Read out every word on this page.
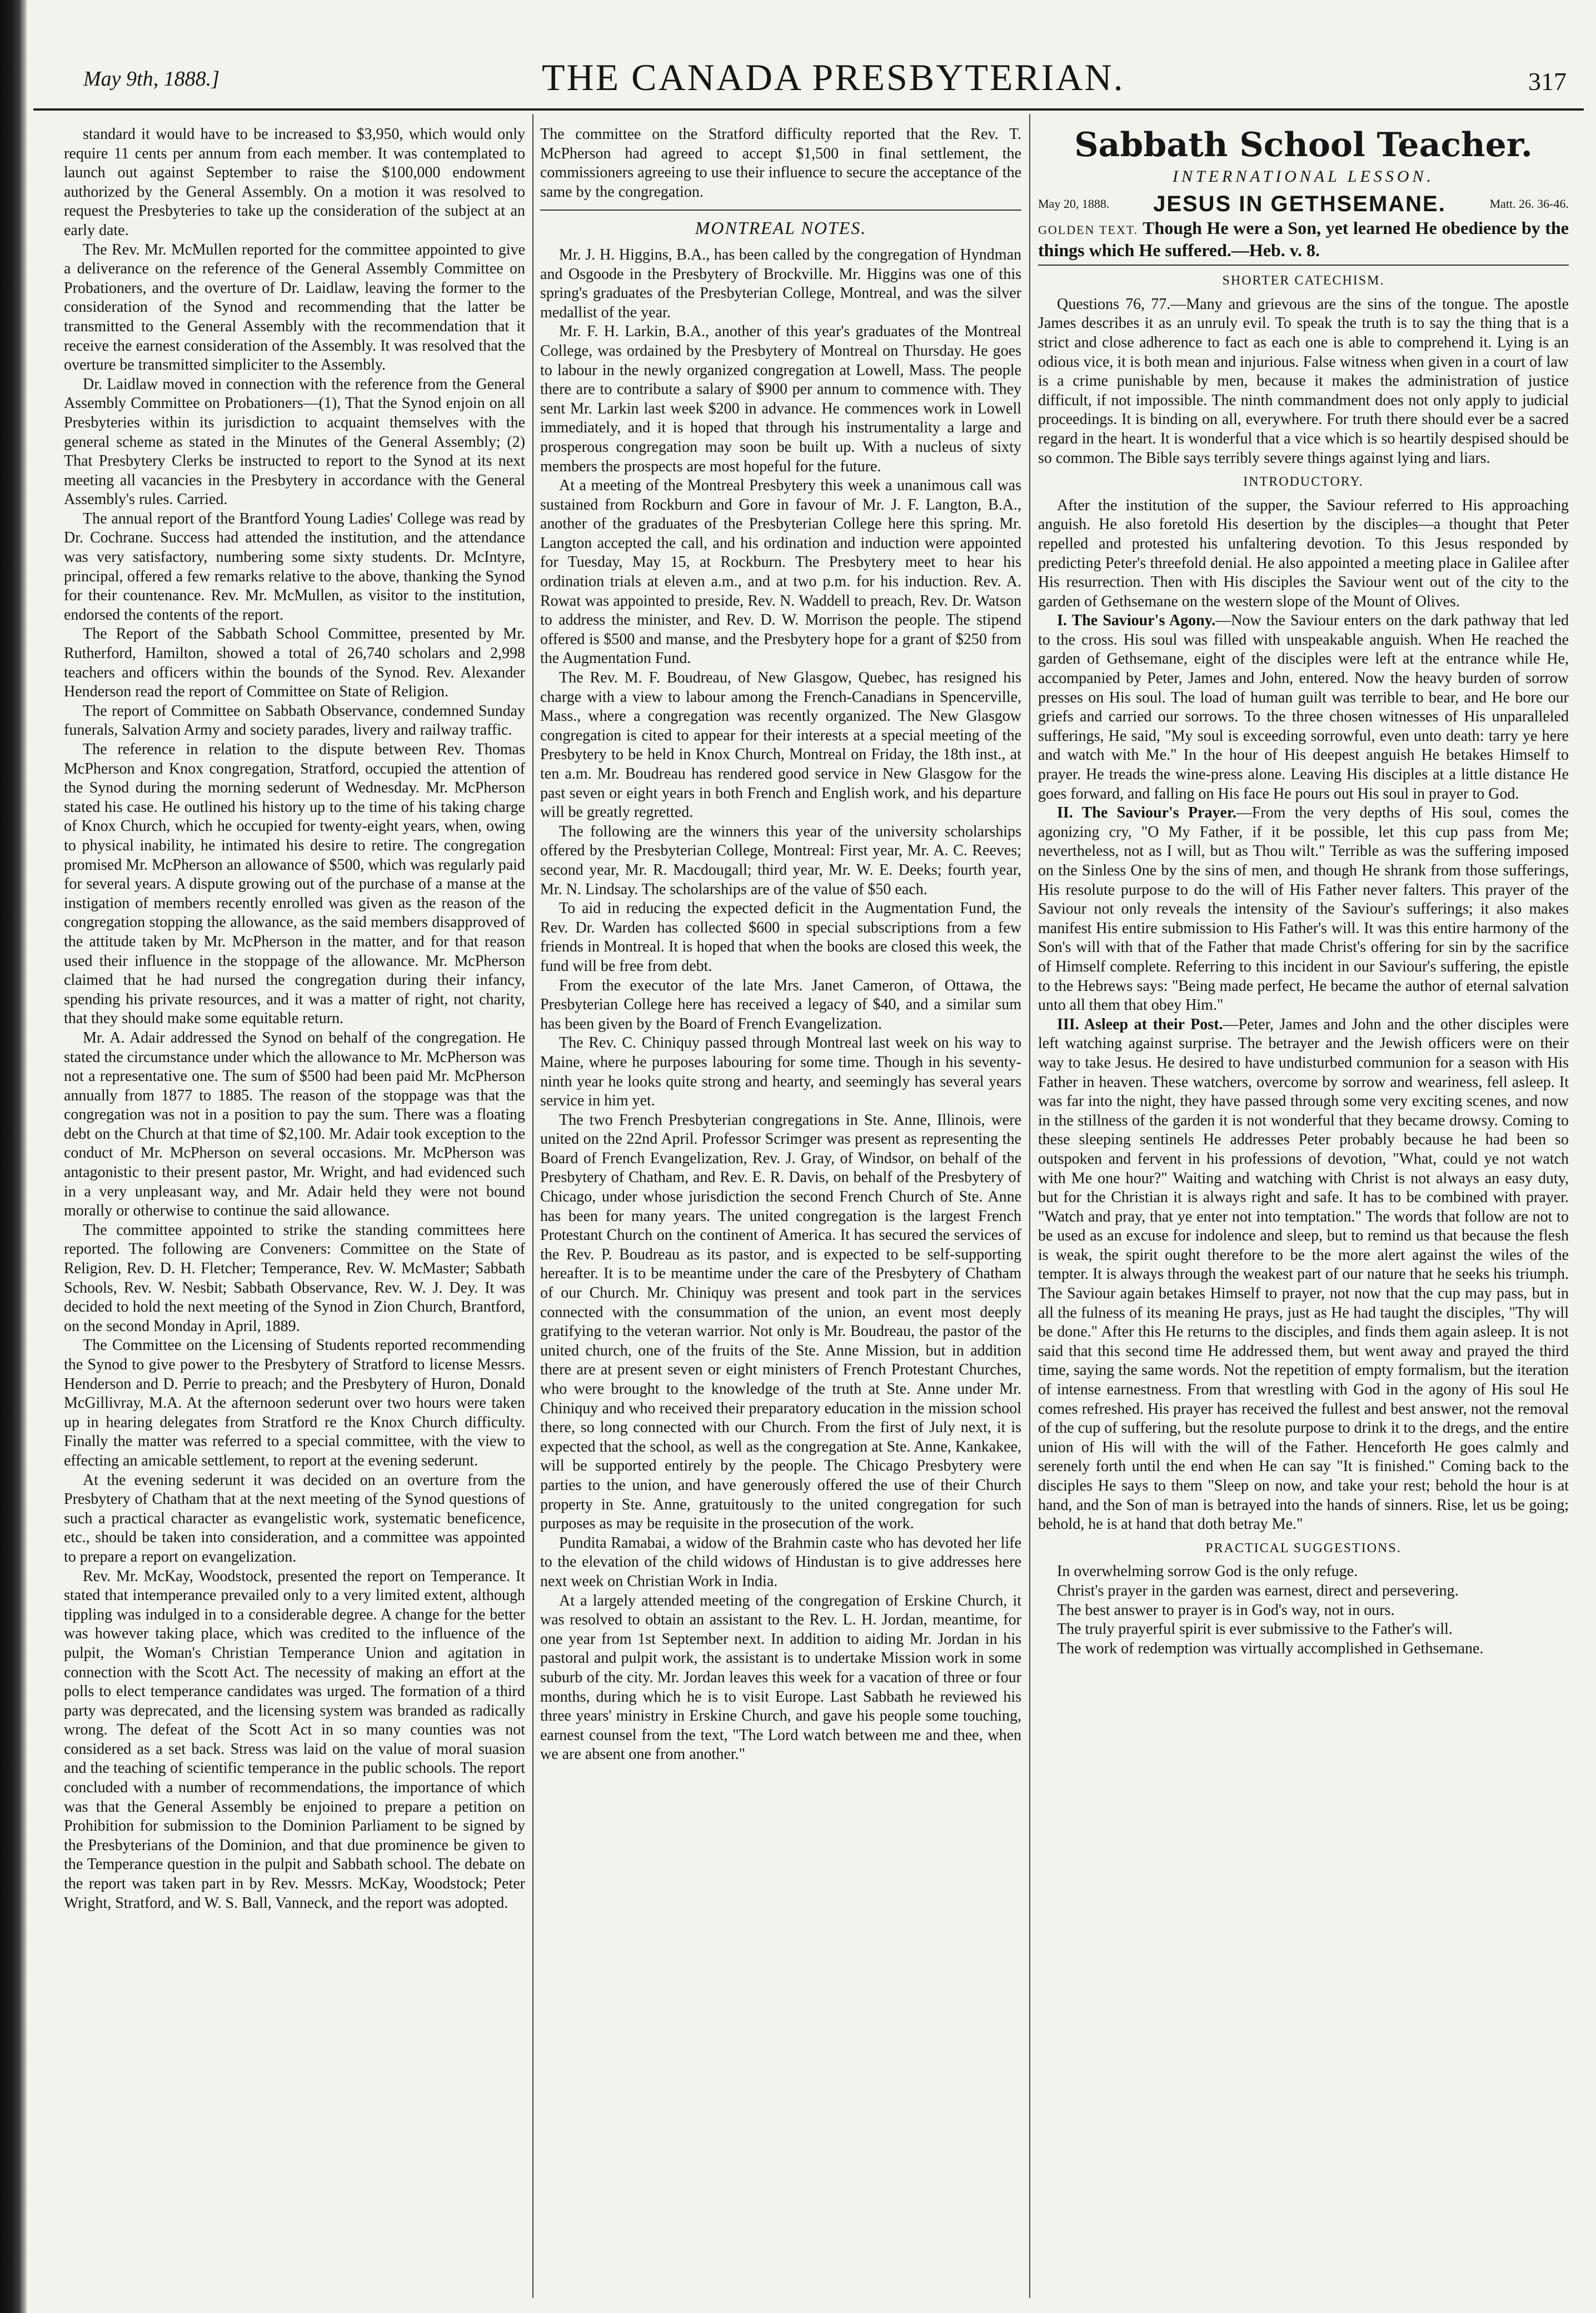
May 9th, 1888.]	THE CANADA PRESBYTERIAN.	317

standard it would have to be increased to $3,950, which would only require 11 cents per annum from each member. It was contemplated to launch out against September to raise the $100,000 endowment authorized by the General Assembly. On a motion it was resolved to request the Presbyteries to take up the consideration of the subject at an early date.

The Rev. Mr. McMullen reported for the committee appointed to give a deliverance on the reference of the General Assembly Committee on Probationers, and the overture of Dr. Laidlaw, leaving the former to the consideration of the Synod and recommending that the latter be transmitted to the General Assembly with the recommendation that it receive the earnest consideration of the Assembly. It was resolved that the overture be transmitted simpliciter to the Assembly.

Dr. Laidlaw moved in connection with the reference from the General Assembly Committee on Probationers—(1), That the Synod enjoin on all Presbyteries within its jurisdiction to acquaint themselves with the general scheme as stated in the Minutes of the General Assembly; (2) That Presbytery Clerks be instructed to report to the Synod at its next meeting all vacancies in the Presbytery in accordance with the General Assembly's rules. Carried.

The annual report of the Brantford Young Ladies' College was read by Dr. Cochrane. Success had attended the institution, and the attendance was very satisfactory, numbering some sixty students. Dr. McIntyre, principal, offered a few remarks relative to the above, thanking the Synod for their countenance. Rev. Mr. McMullen, as visitor to the institution, endorsed the contents of the report.

The Report of the Sabbath School Committee, presented by Mr. Rutherford, Hamilton, showed a total of 26,740 scholars and 2,998 teachers and officers within the bounds of the Synod. Rev. Alexander Henderson read the report of Committee on State of Religion.

The report of Committee on Sabbath Observance, condemned Sunday funerals, Salvation Army and society parades, livery and railway traffic.

The reference in relation to the dispute between Rev. Thomas McPherson and Knox congregation, Stratford, occupied the attention of the Synod during the morning sederunt of Wednesday. Mr. McPherson stated his case. He outlined his history up to the time of his taking charge of Knox Church, which he occupied for twenty-eight years, when, owing to physical inability, he intimated his desire to retire. The congregation promised Mr. McPherson an allowance of $500, which was regularly paid for several years. A dispute growing out of the purchase of a manse at the instigation of members recently enrolled was given as the reason of the congregation stopping the allowance, as the said members disapproved of the attitude taken by Mr. McPherson in the matter, and for that reason used their influence in the stoppage of the allowance. Mr. McPherson claimed that he had nursed the congregation during their infancy, spending his private resources, and it was a matter of right, not charity, that they should make some equitable return.

Mr. A. Adair addressed the Synod on behalf of the congregation. He stated the circumstance under which the allowance to Mr. McPherson was not a representative one. The sum of $500 had been paid Mr. McPherson annually from 1877 to 1885. The reason of the stoppage was that the congregation was not in a position to pay the sum. There was a floating debt on the Church at that time of $2,100. Mr. Adair took exception to the conduct of Mr. McPherson on several occasions. Mr. McPherson was antagonistic to their present pastor, Mr. Wright, and had evidenced such in a very unpleasant way, and Mr. Adair held they were not bound morally or otherwise to continue the said allowance.

The committee appointed to strike the standing committees here reported. The following are Conveners: Committee on the State of Religion, Rev. D. H. Fletcher; Temperance, Rev. W. McMaster; Sabbath Schools, Rev. W. Nesbit; Sabbath Observance, Rev. W. J. Dey. It was decided to hold the next meeting of the Synod in Zion Church, Brantford, on the second Monday in April, 1889.

The Committee on the Licensing of Students reported recommending the Synod to give power to the Presbytery of Stratford to license Messrs. Henderson and D. Perrie to preach; and the Presbytery of Huron, Donald McGillivray, M.A. At the afternoon sederunt over two hours were taken up in hearing delegates from Stratford re the Knox Church difficulty. Finally the matter was referred to a special committee, with the view to effecting an amicable settlement, to report at the evening sederunt.

At the evening sederunt it was decided on an overture from the Presbytery of Chatham that at the next meeting of the Synod questions of such a practical character as evangelistic work, systematic beneficence, etc., should be taken into consideration, and a committee was appointed to prepare a report on evangelization.

Rev. Mr. McKay, Woodstock, presented the report on Temperance. It stated that intemperance prevailed only to a very limited extent, although tippling was indulged in to a considerable degree. A change for the better was however taking place, which was credited to the influence of the pulpit, the Woman's Christian Temperance Union and agitation in connection with the Scott Act. The necessity of making an effort at the polls to elect temperance candidates was urged. The formation of a third party was deprecated, and the licensing system was branded as radically wrong. The defeat of the Scott Act in so many counties was not considered as a set back. Stress was laid on the value of moral suasion and the teaching of scientific temperance in the public schools. The report concluded with a number of recommendations, the importance of which was that the General Assembly be enjoined to prepare a petition on Prohibition for submission to the Dominion Parliament to be signed by the Presbyterians of the Dominion, and that due prominence be given to the Temperance question in the pulpit and Sabbath school. The debate on the report was taken part in by Rev. Messrs. McKay, Woodstock; Peter Wright, Stratford, and W. S. Ball, Vanneck, and the report was adopted.

The committee on the Stratford difficulty reported that the Rev. T. McPherson had agreed to accept $1,500 in final settlement, the commissioners agreeing to use their influence to secure the acceptance of the same by the congregation.

MONTREAL NOTES.

Mr. J. H. Higgins, B.A., has been called by the congregation of Hyndman and Osgoode in the Presbytery of Brockville. Mr. Higgins was one of this spring's graduates of the Presbyterian College, Montreal, and was the silver medallist of the year.

Mr. F. H. Larkin, B.A., another of this year's graduates of the Montreal College, was ordained by the Presbytery of Montreal on Thursday. He goes to labour in the newly organized congregation at Lowell, Mass. The people there are to contribute a salary of $900 per annum to commence with. They sent Mr. Larkin last week $200 in advance. He commences work in Lowell immediately, and it is hoped that through his instrumentality a large and prosperous congregation may soon be built up. With a nucleus of sixty members the prospects are most hopeful for the future.

At a meeting of the Montreal Presbytery this week a unanimous call was sustained from Rockburn and Gore in favour of Mr. J. F. Langton, B.A., another of the graduates of the Presbyterian College here this spring. Mr. Langton accepted the call, and his ordination and induction were appointed for Tuesday, May 15, at Rockburn. The Presbytery meet to hear his ordination trials at eleven a.m., and at two p.m. for his induction. Rev. A. Rowat was appointed to preside, Rev. N. Waddell to preach, Rev. Dr. Watson to address the minister, and Rev. D. W. Morrison the people. The stipend offered is $500 and manse, and the Presbytery hope for a grant of $250 from the Augmentation Fund.

The Rev. M. F. Boudreau, of New Glasgow, Quebec, has resigned his charge with a view to labour among the French-Canadians in Spencerville, Mass., where a congregation was recently organized. The New Glasgow congregation is cited to appear for their interests at a special meeting of the Presbytery to be held in Knox Church, Montreal on Friday, the 18th inst., at ten a.m. Mr. Boudreau has rendered good service in New Glasgow for the past seven or eight years in both French and English work, and his departure will be greatly regretted.

The following are the winners this year of the university scholarships offered by the Presbyterian College, Montreal: First year, Mr. A. C. Reeves; second year, Mr. R. Macdougall; third year, Mr. W. E. Deeks; fourth year, Mr. N. Lindsay. The scholarships are of the value of $50 each.

To aid in reducing the expected deficit in the Augmentation Fund, the Rev. Dr. Warden has collected $600 in special subscriptions from a few friends in Montreal. It is hoped that when the books are closed this week, the fund will be free from debt.

From the executor of the late Mrs. Janet Cameron, of Ottawa, the Presbyterian College here has received a legacy of $40, and a similar sum has been given by the Board of French Evangelization.

The Rev. C. Chiniquy passed through Montreal last week on his way to Maine, where he purposes labouring for some time. Though in his seventy-ninth year he looks quite strong and hearty, and seemingly has several years service in him yet.

The two French Presbyterian congregations in Ste. Anne, Illinois, were united on the 22nd April. Professor Scrimger was present as representing the Board of French Evangelization, Rev. J. Gray, of Windsor, on behalf of the Presbytery of Chatham, and Rev. E. R. Davis, on behalf of the Presbytery of Chicago, under whose jurisdiction the second French Church of Ste. Anne has been for many years. The united congregation is the largest French Protestant Church on the continent of America. It has secured the services of the Rev. P. Boudreau as its pastor, and is expected to be self-supporting hereafter. It is to be meantime under the care of the Presbytery of Chatham of our Church. Mr. Chiniquy was present and took part in the services connected with the consummation of the union, an event most deeply gratifying to the veteran warrior. Not only is Mr. Boudreau, the pastor of the united church, one of the fruits of the Ste. Anne Mission, but in addition there are at present seven or eight ministers of French Protestant Churches, who were brought to the knowledge of the truth at Ste. Anne under Mr. Chiniquy and who received their preparatory education in the mission school there, so long connected with our Church. From the first of July next, it is expected that the school, as well as the congregation at Ste. Anne, Kankakee, will be supported entirely by the people. The Chicago Presbytery were parties to the union, and have generously offered the use of their Church property in Ste. Anne, gratuitously to the united congregation for such purposes as may be requisite in the prosecution of the work.

Pundita Ramabai, a widow of the Brahmin caste who has devoted her life to the elevation of the child widows of Hindustan is to give addresses here next week on Christian Work in India.

At a largely attended meeting of the congregation of Erskine Church, it was resolved to obtain an assistant to the Rev. L. H. Jordan, meantime, for one year from 1st September next. In addition to aiding Mr. Jordan in his pastoral and pulpit work, the assistant is to undertake Mission work in some suburb of the city. Mr. Jordan leaves this week for a vacation of three or four months, during which he is to visit Europe. Last Sabbath he reviewed his three years' ministry in Erskine Church, and gave his people some touching, earnest counsel from the text, "The Lord watch between me and thee, when we are absent one from another."

Sabbath School Teacher.
INTERNATIONAL LESSON.
May 20, 1888. JESUS IN GETHSEMANE.	Matt. 26. 36-46.

GOLDEN TEXT. Though He were a Son, yet learned He obedience by the things which He suffered.—Heb. v. 8.

SHORTER CATECHISM.

Questions 76, 77.—Many and grievous are the sins of the tongue. The apostle James describes it as an unruly evil. To speak the truth is to say the thing that is a strict and close adherence to fact as each one is able to comprehend it. Lying is an odious vice, it is both mean and injurious. False witness when given in a court of law is a crime punishable by men, because it makes the administration of justice difficult, if not impossible. The ninth commandment does not only apply to judicial proceedings. It is binding on all, everywhere. For truth there should ever be a sacred regard in the heart. It is wonderful that a vice which is so heartily despised should be so common. The Bible says terribly severe things against lying and liars.

INTRODUCTORY.

After the institution of the supper, the Saviour referred to His approaching anguish. He also foretold His desertion by the disciples—a thought that Peter repelled and protested his unfaltering devotion. To this Jesus responded by predicting Peter's threefold denial. He also appointed a meeting place in Galilee after His resurrection. Then with His disciples the Saviour went out of the city to the garden of Gethsemane on the western slope of the Mount of Olives.

I. The Saviour's Agony.—Now the Saviour enters on the dark pathway that led to the cross. His soul was filled with unspeakable anguish. When He reached the garden of Gethsemane, eight of the disciples were left at the entrance while He, accompanied by Peter, James and John, entered. Now the heavy burden of sorrow presses on His soul. The load of human guilt was terrible to bear, and He bore our griefs and carried our sorrows. To the three chosen witnesses of His unparalleled sufferings, He said, "My soul is exceeding sorrowful, even unto death: tarry ye here and watch with Me." In the hour of His deepest anguish He betakes Himself to prayer. He treads the wine-press alone. Leaving His disciples at a little distance He goes forward, and falling on His face He pours out His soul in prayer to God.

II. The Saviour's Prayer.—From the very depths of His soul, comes the agonizing cry, "O My Father, if it be possible, let this cup pass from Me; nevertheless, not as I will, but as Thou wilt." Terrible as was the suffering imposed on the Sinless One by the sins of men, and though He shrank from those sufferings, His resolute purpose to do the will of His Father never falters. This prayer of the Saviour not only reveals the intensity of the Saviour's sufferings; it also makes manifest His entire submission to His Father's will. It was this entire harmony of the Son's will with that of the Father that made Christ's offering for sin by the sacrifice of Himself complete. Referring to this incident in our Saviour's suffering, the epistle to the Hebrews says: "Being made perfect, He became the author of eternal salvation unto all them that obey Him."

III. Asleep at their Post.—Peter, James and John and the other disciples were left watching against surprise. The betrayer and the Jewish officers were on their way to take Jesus. He desired to have undisturbed communion for a season with His Father in heaven. These watchers, overcome by sorrow and weariness, fell asleep. It was far into the night, they have passed through some very exciting scenes, and now in the stillness of the garden it is not wonderful that they became drowsy. Coming to these sleeping sentinels He addresses Peter probably because he had been so outspoken and fervent in his professions of devotion, "What, could ye not watch with Me one hour?" Waiting and watching with Christ is not always an easy duty, but for the Christian it is always right and safe. It has to be combined with prayer. "Watch and pray, that ye enter not into temptation." The words that follow are not to be used as an excuse for indolence and sleep, but to remind us that because the flesh is weak, the spirit ought therefore to be the more alert against the wiles of the tempter. It is always through the weakest part of our nature that he seeks his triumph. The Saviour again betakes Himself to prayer, not now that the cup may pass, but in all the fulness of its meaning He prays, just as He had taught the disciples, "Thy will be done." After this He returns to the disciples, and finds them again asleep. It is not said that this second time He addressed them, but went away and prayed the third time, saying the same words. Not the repetition of empty formalism, but the iteration of intense earnestness. From that wrestling with God in the agony of His soul He comes refreshed. His prayer has received the fullest and best answer, not the removal of the cup of suffering, but the resolute purpose to drink it to the dregs, and the entire union of His will with the will of the Father. Henceforth He goes calmly and serenely forth until the end when He can say "It is finished." Coming back to the disciples He says to them "Sleep on now, and take your rest; behold the hour is at hand, and the Son of man is betrayed into the hands of sinners. Rise, let us be going; behold, he is at hand that doth betray Me."

PRACTICAL SUGGESTIONS.

In overwhelming sorrow God is the only refuge.

Christ's prayer in the garden was earnest, direct and persevering.

The best answer to prayer is in God's way, not in ours.

The truly prayerful spirit is ever submissive to the Father's will.

The work of redemption was virtually accomplished in Gethsemane.
